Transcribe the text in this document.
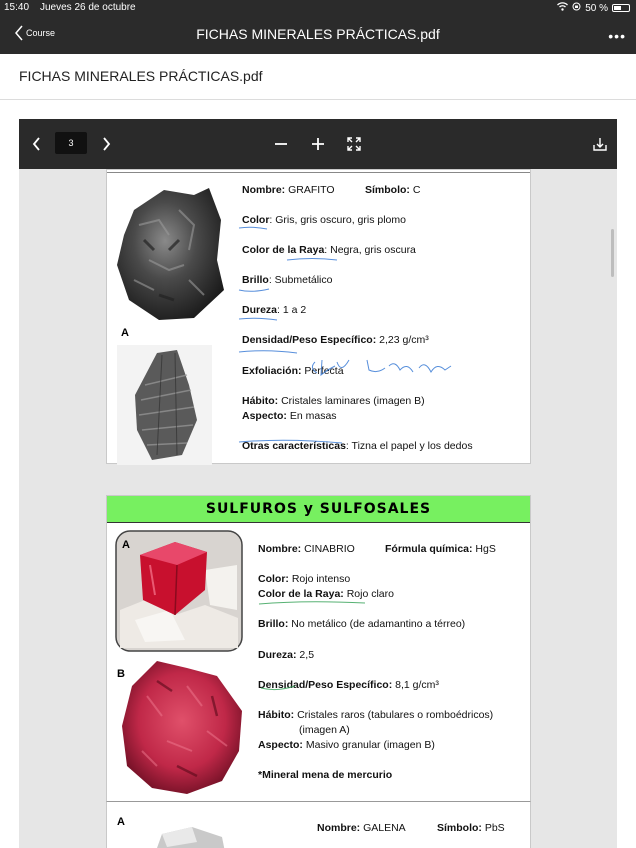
15:40 Jueves 26 de octubre	50 %
Course	FICHAS MINERALES PRÁCTICAS.pdf	•••
FICHAS MINERALES PRÁCTICAS.pdf
3
A
Nombre: GRAFITO	Símbolo: C
Color: Gris, gris oscuro, gris plomo
Color de la Raya: Negra, gris oscura
Brillo: Submetálico
Dureza: 1 a 2
Densidad/Peso Específico: 2,23 g/cm³
Exfoliación: Perfecta
Hábito: Cristales laminares (imagen B)
Aspecto: En masas
Otras características: Tizna el papel y los dedos
SULFUROS y SULFOSALES
A
B
Nombre: CINABRIO	Fórmula química: HgS
Color: Rojo intenso
Color de la Raya: Rojo claro
Brillo: No metálico (de adamantino a térreo)
Dureza: 2,5
Densidad/Peso Específico: 8,1 g/cm³
Hábito: Cristales raros (tabulares o romboédricos)
(imagen A)
Aspecto: Masivo granular (imagen B)
*Mineral mena de mercurio
A	Nombre: GALENA	Símbolo: PbS
